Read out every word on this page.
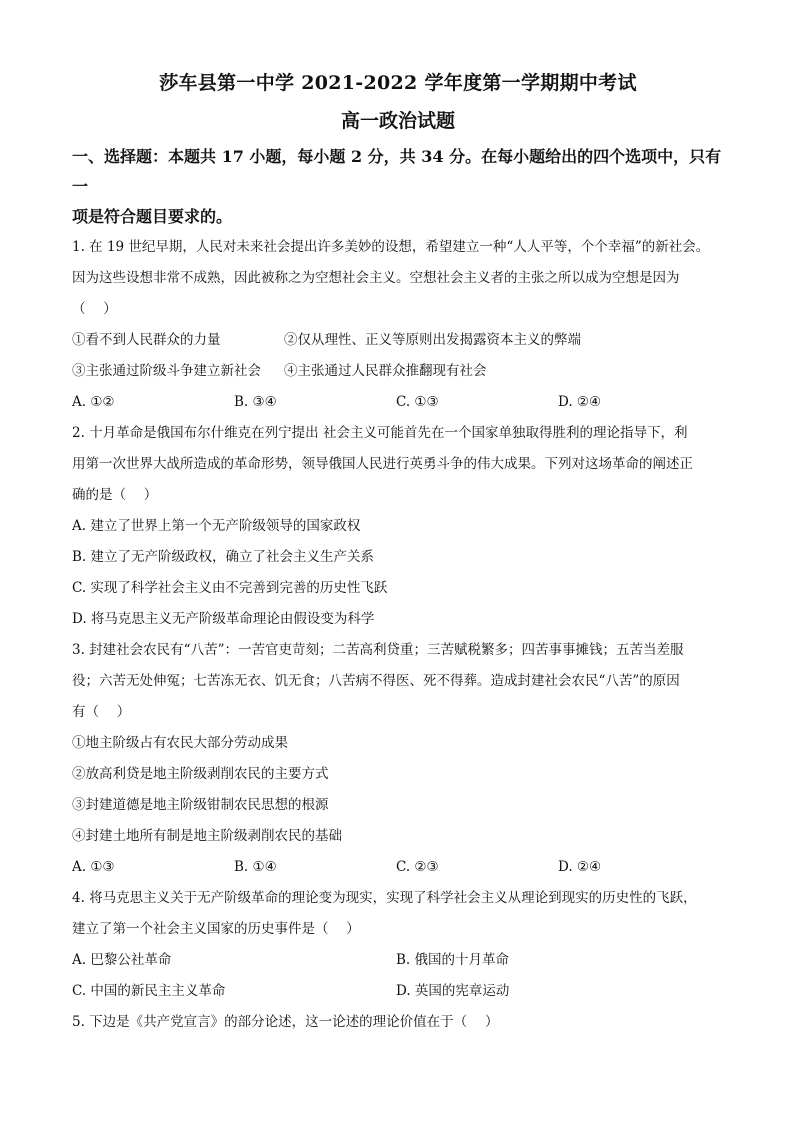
莎车县第一中学 2021-2022 学年度第一学期期中考试
高一政治试题

一、选择题：本题共 17 小题，每小题 2 分，共 34 分。在每小题给出的四个选项中，只有一

项是符合题目要求的。

1. 在 19 世纪早期，人民对未来社会提出许多美妙的设想，希望建立一种“人人平等，个个幸福”的新社会。

因为这些设想非常不成熟，因此被称之为空想社会主义。空想社会主义者的主张之所以成为空想是因为

（　 ）

①看不到人民群众的力量	②仅从理性、正义等原则出发揭露资本主义的弊端
③主张通过阶级斗争建立新社会	④主张通过人民群众推翻现有社会
A. ①②	B. ③④	C. ①③	D. ②④

2. 十月革命是俄国布尔什维克在列宁提出 社会主义可能首先在一个国家单独取得胜利的理论指导下，利

用第一次世界大战所造成的革命形势，领导俄国人民进行英勇斗争的伟大成果。下列对这场革命的阐述正

确的是（　 ）

A. 建立了世界上第一个无产阶级领导的国家政权

B. 建立了无产阶级政权，确立了社会主义生产关系

C. 实现了科学社会主义由不完善到完善的历史性飞跃

D. 将马克思主义无产阶级革命理论由假设变为科学

3. 封建社会农民有“八苦”：一苦官吏苛刻；二苦高利贷重；三苦赋税繁多；四苦事事摊钱；五苦当差服

役；六苦无处伸冤；七苦冻无衣、饥无食；八苦病不得医、死不得葬。造成封建社会农民“八苦”的原因

有（　 ）

①地主阶级占有农民大部分劳动成果

②放高利贷是地主阶级剥削农民的主要方式

③封建道德是地主阶级钳制农民思想的根源

④封建土地所有制是地主阶级剥削农民的基础

A. ①③	B. ①④	C. ②③	D. ②④

4. 将马克思主义关于无产阶级革命的理论变为现实，实现了科学社会主义从理论到现实的历史性的飞跃，

建立了第一个社会主义国家的历史事件是（　 ）

A. 巴黎公社革命	B. 俄国的十月革命
C. 中国的新民主主义革命	D. 英国的宪章运动

5. 下边是《共产党宣言》的部分论述，这一论述的理论价值在于（　 ）
